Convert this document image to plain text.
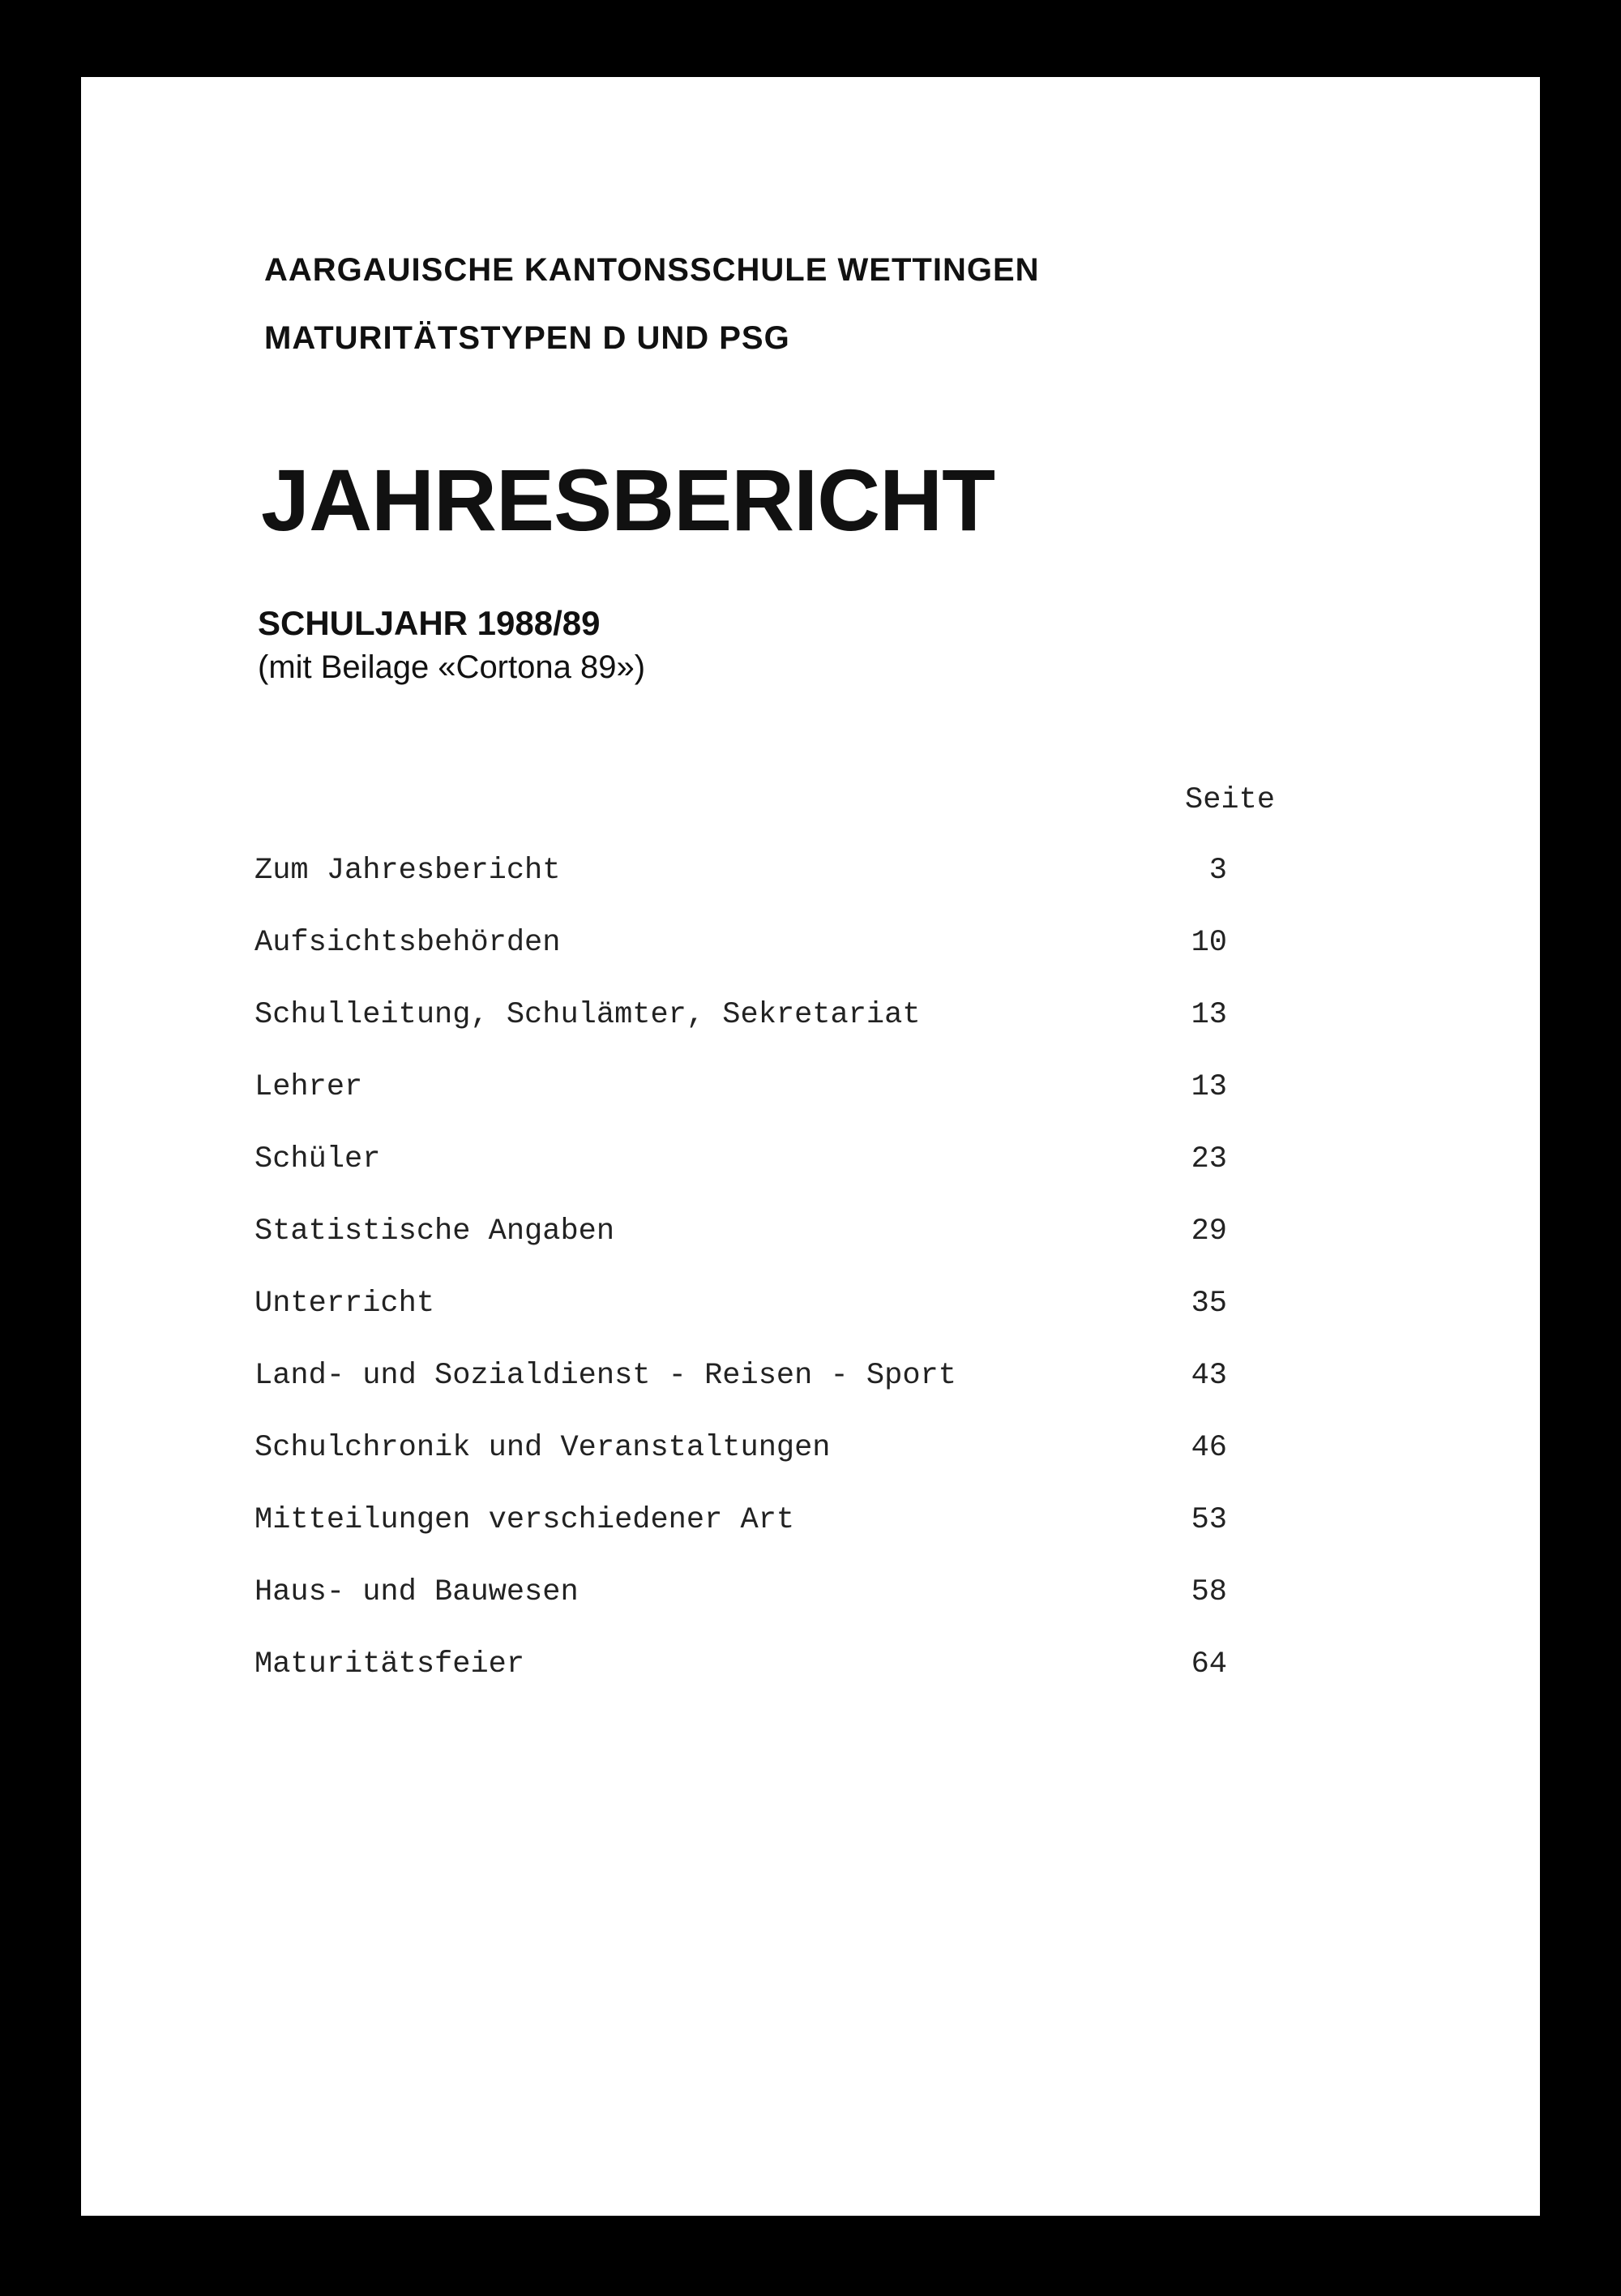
AARGAUISCHE KANTONSSCHULE WETTINGEN
MATURITÄTSTYPEN D UND PSG
JAHRESBERICHT
SCHULJAHR 1988/89
(mit Beilage «Cortona 89»)
Seite
Zum Jahresbericht	3
Aufsichtsbehörden	10
Schulleitung, Schulämter, Sekretariat	13
Lehrer	13
Schüler	23
Statistische Angaben	29
Unterricht	35
Land- und Sozialdienst - Reisen - Sport	43
Schulchronik und Veranstaltungen	46
Mitteilungen verschiedener Art	53
Haus- und Bauwesen	58
Maturitätsfeier	64
